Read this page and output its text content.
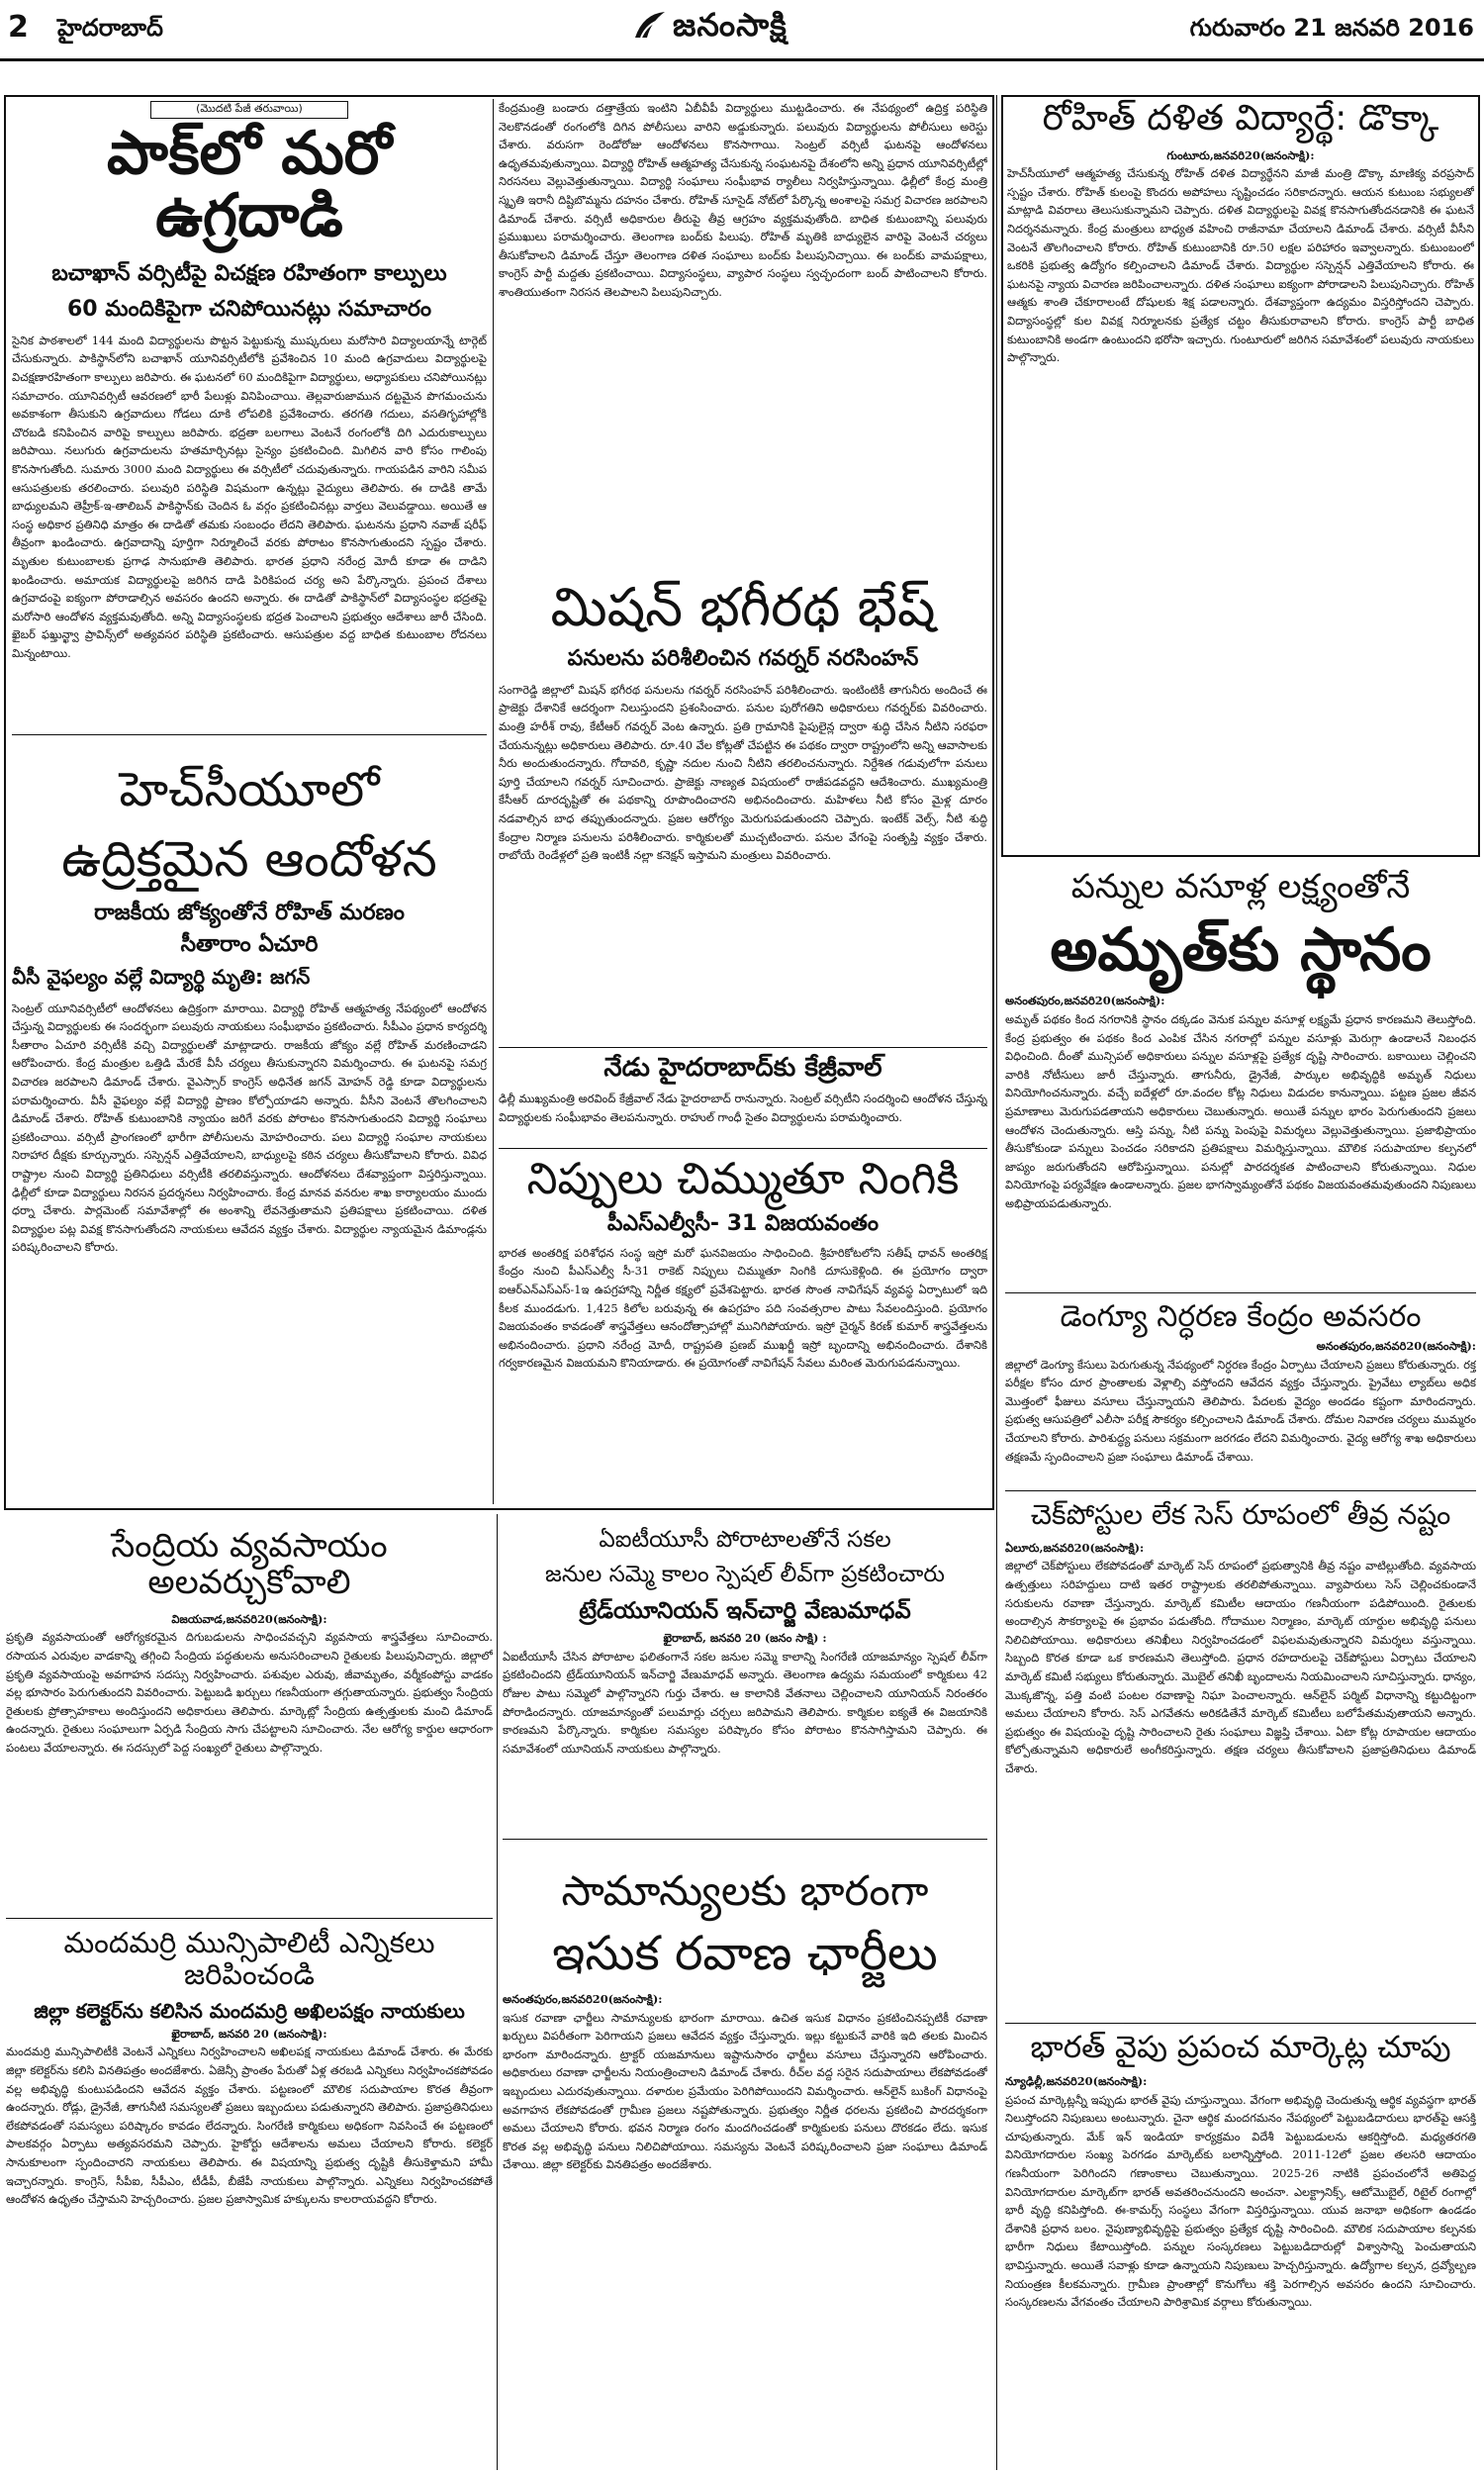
2 హైదరాబాద్	జనంసాక్షి	గురువారం 21 జనవరి 2016
(మొదటి పేజీ తరువాయి)
పాక్‌లో మరో ఉగ్రదాడి
బచాఖాన్ వర్సిటీపై విచక్షణ రహితంగా కాల్పులు
60 మందికిపైగా చనిపోయినట్లు సమాచారం
సైనిక పాఠశాలలో 144 మంది విద్యార్థులను పొట్టన పెట్టుకున్న ముష్కరులు మరోసారి విద్యాలయాన్నే టార్గెట్ చేసుకున్నారు. పాకిస్థాన్‌లోని బచాఖాన్ యూనివర్సిటీలోకి ప్రవేశించిన 10 మంది ఉగ్రవాదులు విద్యార్థులపై విచక్షణారహితంగా కాల్పులు జరిపారు. ఈ ఘటనలో 60 మందికిపైగా విద్యార్థులు, అధ్యాపకులు చనిపోయినట్లు సమాచారం. యూనివర్సిటీ ఆవరణలో భారీ పేలుళ్లు వినిపించాయి. తెల్లవారుజామున దట్టమైన పొగమంచును అవకాశంగా తీసుకుని ఉగ్రవాదులు గోడలు దూకి లోపలికి ప్రవేశించారు. తరగతి గదులు, వసతిగృహాల్లోకి చొరబడి కనిపించిన వారిపై కాల్పులు జరిపారు. భద్రతా బలగాలు వెంటనే రంగంలోకి దిగి ఎదురుకాల్పులు జరిపాయి. నలుగురు ఉగ్రవాదులను హతమార్చినట్లు సైన్యం ప్రకటించింది. మిగిలిన వారి కోసం గాలింపు కొనసాగుతోంది. సుమారు 3000 మంది విద్యార్థులు ఈ వర్సిటీలో చదువుతున్నారు. గాయపడిన వారిని సమీప ఆసుపత్రులకు తరలించారు. పలువురి పరిస్థితి విషమంగా ఉన్నట్లు వైద్యులు తెలిపారు. ఈ దాడికి తామే బాధ్యులమని తెహ్రీక్-ఇ-తాలిబన్ పాకిస్థాన్‌కు చెందిన ఓ వర్గం ప్రకటించినట్లు వార్తలు వెలువడ్డాయి. అయితే ఆ సంస్థ అధికార ప్రతినిధి మాత్రం ఈ దాడితో తమకు సంబంధం లేదని తెలిపారు. ఘటనను ప్రధాని నవాజ్ షరీఫ్ తీవ్రంగా ఖండించారు. ఉగ్రవాదాన్ని పూర్తిగా నిర్మూలించే వరకు పోరాటం కొనసాగుతుందని స్పష్టం చేశారు. మృతుల కుటుంబాలకు ప్రగాఢ సానుభూతి తెలిపారు. భారత ప్రధాని నరేంద్ర మోదీ కూడా ఈ దాడిని ఖండించారు. అమాయక విద్యార్థులపై జరిగిన దాడి పిరికిపంద చర్య అని పేర్కొన్నారు. ప్రపంచ దేశాలు ఉగ్రవాదంపై ఐక్యంగా పోరాడాల్సిన అవసరం ఉందని అన్నారు. ఈ దాడితో పాకిస్థాన్‌లో విద్యాసంస్థల భద్రతపై మరోసారి ఆందోళన వ్యక్తమవుతోంది. అన్ని విద్యాసంస్థలకు భద్రత పెంచాలని ప్రభుత్వం ఆదేశాలు జారీ చేసింది. ఖైబర్ ఫఖ్తున్ఖ్వా ప్రావిన్స్‌లో అత్యవసర పరిస్థితి ప్రకటించారు. ఆసుపత్రుల వద్ద బాధిత కుటుంబాల రోదనలు మిన్నంటాయి.
హెచ్‌సీయూలో
ఉద్రిక్తమైన ఆందోళన
రాజకీయ జోక్యంతోనే రోహిత్ మరణం
సీతారాం ఏచూరి
వీసీ వైఫల్యం వల్లే విద్యార్థి మృతి: జగన్
సెంట్రల్ యూనివర్సిటీలో ఆందోళనలు ఉద్రిక్తంగా మారాయి. విద్యార్థి రోహిత్ ఆత్మహత్య నేపథ్యంలో ఆందోళన చేస్తున్న విద్యార్థులకు ఈ సందర్భంగా పలువురు నాయకులు సంఘీభావం ప్రకటించారు. సీపీఎం ప్రధాన కార్యదర్శి సీతారాం ఏచూరి వర్సిటీకి వచ్చి విద్యార్థులతో మాట్లాడారు. రాజకీయ జోక్యం వల్లే రోహిత్ మరణించాడని ఆరోపించారు. కేంద్ర మంత్రుల ఒత్తిడి మేరకే వీసీ చర్యలు తీసుకున్నారని విమర్శించారు. ఈ ఘటనపై సమగ్ర విచారణ జరపాలని డిమాండ్ చేశారు. వైఎస్సార్ కాంగ్రెస్ అధినేత జగన్ మోహన్ రెడ్డి కూడా విద్యార్థులను పరామర్శించారు. వీసీ వైఫల్యం వల్లే విద్యార్థి ప్రాణం కోల్పోయాడని అన్నారు. వీసీని వెంటనే తొలగించాలని డిమాండ్ చేశారు. రోహిత్ కుటుంబానికి న్యాయం జరిగే వరకు పోరాటం కొనసాగుతుందని విద్యార్థి సంఘాలు ప్రకటించాయి. వర్సిటీ ప్రాంగణంలో భారీగా పోలీసులను మోహరించారు. పలు విద్యార్థి సంఘాల నాయకులు నిరాహార దీక్షకు కూర్చున్నారు. సస్పెన్షన్ ఎత్తివేయాలని, బాధ్యులపై కఠిన చర్యలు తీసుకోవాలని కోరారు. వివిధ రాష్ట్రాల నుంచి విద్యార్థి ప్రతినిధులు వర్సిటీకి తరలివస్తున్నారు. ఆందోళనలు దేశవ్యాప్తంగా విస్తరిస్తున్నాయి. ఢిల్లీలో కూడా విద్యార్థులు నిరసన ప్రదర్శనలు నిర్వహించారు. కేంద్ర మానవ వనరుల శాఖ కార్యాలయం ముందు ధర్నా చేశారు. పార్లమెంట్ సమావేశాల్లో ఈ అంశాన్ని లేవనెత్తుతామని ప్రతిపక్షాలు ప్రకటించాయి. దళిత విద్యార్థుల పట్ల వివక్ష కొనసాగుతోందని నాయకులు ఆవేదన వ్యక్తం చేశారు. విద్యార్థుల న్యాయమైన డిమాండ్లను పరిష్కరించాలని కోరారు.
కేంద్రమంత్రి బండారు దత్తాత్రేయ ఇంటిని ఏబీవీపీ విద్యార్థులు ముట్టడించారు. ఈ నేపథ్యంలో ఉద్రిక్త పరిస్థితి నెలకొనడంతో రంగంలోకి దిగిన పోలీసులు వారిని అడ్డుకున్నారు. పలువురు విద్యార్థులను పోలీసులు అరెస్టు చేశారు. వరుసగా రెండోరోజు ఆందోళనలు కొనసాగాయి. సెంట్రల్ వర్సిటీ ఘటనపై ఆందోళనలు ఉధృతమవుతున్నాయి. విద్యార్థి రోహిత్ ఆత్మహత్య చేసుకున్న సంఘటనపై దేశంలోని అన్ని ప్రధాన యూనివర్సిటీల్లో నిరసనలు వెల్లువెత్తుతున్నాయి. విద్యార్థి సంఘాలు సంఘీభావ ర్యాలీలు నిర్వహిస్తున్నాయి. ఢిల్లీలో కేంద్ర మంత్రి స్మృతి ఇరానీ దిష్టిబొమ్మను దహనం చేశారు. రోహిత్ సూసైడ్ నోట్‌లో పేర్కొన్న అంశాలపై సమగ్ర విచారణ జరపాలని డిమాండ్ చేశారు. వర్సిటీ అధికారుల తీరుపై తీవ్ర ఆగ్రహం వ్యక్తమవుతోంది. బాధిత కుటుంబాన్ని పలువురు ప్రముఖులు పరామర్శించారు. తెలంగాణ బంద్‌కు పిలుపు. రోహిత్ మృతికి బాధ్యులైన వారిపై వెంటనే చర్యలు తీసుకోవాలని డిమాండ్ చేస్తూ తెలంగాణ దళిత సంఘాలు బంద్‌కు పిలుపునిచ్చాయి. ఈ బంద్‌కు వామపక్షాలు, కాంగ్రెస్ పార్టీ మద్దతు ప్రకటించాయి. విద్యాసంస్థలు, వ్యాపార సంస్థలు స్వచ్ఛందంగా బంద్ పాటించాలని కోరారు. శాంతియుతంగా నిరసన తెలపాలని పిలుపునిచ్చారు.
మిషన్ భగీరథ భేష్
పనులను పరిశీలించిన గవర్నర్ నరసింహన్
సంగారెడ్డి జిల్లాలో మిషన్ భగీరథ పనులను గవర్నర్ నరసింహన్ పరిశీలించారు. ఇంటింటికీ తాగునీరు అందించే ఈ ప్రాజెక్టు దేశానికే ఆదర్శంగా నిలుస్తుందని ప్రశంసించారు. పనుల పురోగతిని అధికారులు గవర్నర్‌కు వివరించారు. మంత్రి హరీశ్ రావు, కేటీఆర్ గవర్నర్ వెంట ఉన్నారు. ప్రతి గ్రామానికి పైపులైన్ల ద్వారా శుద్ధి చేసిన నీటిని సరఫరా చేయనున్నట్లు అధికారులు తెలిపారు. రూ.40 వేల కోట్లతో చేపట్టిన ఈ పథకం ద్వారా రాష్ట్రంలోని అన్ని ఆవాసాలకు నీరు అందుతుందన్నారు. గోదావరి, కృష్ణా నదుల నుంచి నీటిని తరలించనున్నారు. నిర్దేశిత గడువులోగా పనులు పూర్తి చేయాలని గవర్నర్ సూచించారు. ప్రాజెక్టు నాణ్యత విషయంలో రాజీపడవద్దని ఆదేశించారు. ముఖ్యమంత్రి కేసీఆర్ దూరదృష్టితో ఈ పథకాన్ని రూపొందించారని అభినందించారు. మహిళలు నీటి కోసం మైళ్ల దూరం నడవాల్సిన బాధ తప్పుతుందన్నారు. ప్రజల ఆరోగ్యం మెరుగుపడుతుందని చెప్పారు. ఇంటేక్ వెల్స్, నీటి శుద్ధి కేంద్రాల నిర్మాణ పనులను పరిశీలించారు. కార్మికులతో ముచ్చటించారు. పనుల వేగంపై సంతృప్తి వ్యక్తం చేశారు. రాబోయే రెండేళ్లలో ప్రతి ఇంటికీ నల్లా కనెక్షన్ ఇస్తామని మంత్రులు వివరించారు.
నేడు హైదరాబాద్‌కు కేజ్రీవాల్
ఢిల్లీ ముఖ్యమంత్రి అరవింద్ కేజ్రీవాల్ నేడు హైదరాబాద్ రానున్నారు. సెంట్రల్ వర్సిటీని సందర్శించి ఆందోళన చేస్తున్న విద్యార్థులకు సంఘీభావం తెలపనున్నారు. రాహుల్ గాంధీ సైతం విద్యార్థులను పరామర్శించారు.
నిప్పులు చిమ్ముతూ నింగికి
పీఎస్ఎల్వీసీ- 31 విజయవంతం
భారత అంతరిక్ష పరిశోధన సంస్థ ఇస్రో మరో ఘనవిజయం సాధించింది. శ్రీహరికోటలోని సతీష్ ధావన్ అంతరిక్ష కేంద్రం నుంచి పీఎస్ఎల్వీ సీ-31 రాకెట్ నిప్పులు చిమ్ముతూ నింగికి దూసుకెళ్లింది. ఈ ప్రయోగం ద్వారా ఐఆర్ఎన్ఎస్ఎస్-1ఇ ఉపగ్రహాన్ని నిర్ణీత కక్ష్యలో ప్రవేశపెట్టారు. భారత సొంత నావిగేషన్ వ్యవస్థ ఏర్పాటులో ఇది కీలక ముందడుగు. 1,425 కిలోల బరువున్న ఈ ఉపగ్రహం పది సంవత్సరాల పాటు సేవలందిస్తుంది. ప్రయోగం విజయవంతం కావడంతో శాస్త్రవేత్తలు ఆనందోత్సాహాల్లో మునిగిపోయారు. ఇస్రో చైర్మన్ కిరణ్ కుమార్ శాస్త్రవేత్తలను అభినందించారు. ప్రధాని నరేంద్ర మోదీ, రాష్ట్రపతి ప్రణబ్ ముఖర్జీ ఇస్రో బృందాన్ని అభినందించారు. దేశానికి గర్వకారణమైన విజయమని కొనియాడారు. ఈ ప్రయోగంతో నావిగేషన్ సేవలు మరింత మెరుగుపడనున్నాయి.
సేంద్రియ వ్యవసాయం అలవర్చుకోవాలి
విజయవాడ,జనవరి20(జనంసాక్షి):
ప్రకృతి వ్యవసాయంతో ఆరోగ్యకరమైన దిగుబడులను సాధించవచ్చని వ్యవసాయ శాస్త్రవేత్తలు సూచించారు. రసాయన ఎరువుల వాడకాన్ని తగ్గించి సేంద్రియ పద్ధతులను అనుసరించాలని రైతులకు పిలుపునిచ్చారు. జిల్లాలో ప్రకృతి వ్యవసాయంపై అవగాహన సదస్సు నిర్వహించారు. పశువుల ఎరువు, జీవామృతం, వర్మీకంపోస్టు వాడకం వల్ల భూసారం పెరుగుతుందని వివరించారు. పెట్టుబడి ఖర్చులు గణనీయంగా తగ్గుతాయన్నారు. ప్రభుత్వం సేంద్రియ రైతులకు ప్రోత్సాహకాలు అందిస్తుందని అధికారులు తెలిపారు. మార్కెట్లో సేంద్రియ ఉత్పత్తులకు మంచి డిమాండ్ ఉందన్నారు. రైతులు సంఘాలుగా ఏర్పడి సేంద్రియ సాగు చేపట్టాలని సూచించారు. నేల ఆరోగ్య కార్డుల ఆధారంగా పంటలు వేయాలన్నారు. ఈ సదస్సులో పెద్ద సంఖ్యలో రైతులు పాల్గొన్నారు.
మందమర్రి మున్సిపాలిటీ ఎన్నికలు జరిపించండి
జిల్లా కలెక్టర్‌ను కలిసిన మందమర్రి అఖిలపక్షం నాయకులు
ఖైరాబాద్, జనవరి 20 (జనంసాక్షి):
మందమర్రి మున్సిపాలిటీకి వెంటనే ఎన్నికలు నిర్వహించాలని అఖిలపక్ష నాయకులు డిమాండ్ చేశారు. ఈ మేరకు జిల్లా కలెక్టర్‌ను కలిసి వినతిపత్రం అందజేశారు. ఏజెన్సీ ప్రాంతం పేరుతో ఏళ్ల తరబడి ఎన్నికలు నిర్వహించకపోవడం వల్ల అభివృద్ధి కుంటుపడిందని ఆవేదన వ్యక్తం చేశారు. పట్టణంలో మౌలిక సదుపాయాల కొరత తీవ్రంగా ఉందన్నారు. రోడ్లు, డ్రైనేజీ, తాగునీటి సమస్యలతో ప్రజలు ఇబ్బందులు పడుతున్నారని తెలిపారు. ప్రజాప్రతినిధులు లేకపోవడంతో సమస్యలు పరిష్కారం కావడం లేదన్నారు. సింగరేణి కార్మికులు అధికంగా నివసించే ఈ పట్టణంలో పాలకవర్గం ఏర్పాటు అత్యవసరమని చెప్పారు. హైకోర్టు ఆదేశాలను అమలు చేయాలని కోరారు. కలెక్టర్ సానుకూలంగా స్పందించారని నాయకులు తెలిపారు. ఈ విషయాన్ని ప్రభుత్వ దృష్టికి తీసుకెళ్తామని హామీ ఇచ్చారన్నారు. కాంగ్రెస్, సీపీఐ, సీపీఎం, టీడీపీ, బీజేపీ నాయకులు పాల్గొన్నారు. ఎన్నికలు నిర్వహించకపోతే ఆందోళన ఉధృతం చేస్తామని హెచ్చరించారు. ప్రజల ప్రజాస్వామిక హక్కులను కాలరాయవద్దని కోరారు.
ఏఐటీయూసీ పోరాటాలతోనే సకల
జనుల సమ్మె కాలం స్పెషల్ లీవ్‌గా ప్రకటించారు
ట్రేడ్‌యూనియన్ ఇన్‌చార్జి వేణుమాధవ్
ఖైరాబాద్, జనవరి 20 (జనం సాక్షి) :
ఏఐటీయూసీ చేసిన పోరాటాల ఫలితంగానే సకల జనుల సమ్మె కాలాన్ని సింగరేణి యాజమాన్యం స్పెషల్ లీవ్‌గా ప్రకటించిందని ట్రేడ్‌యూనియన్ ఇన్‌చార్జి వేణుమాధవ్ అన్నారు. తెలంగాణ ఉద్యమ సమయంలో కార్మికులు 42 రోజుల పాటు సమ్మెలో పాల్గొన్నారని గుర్తు చేశారు. ఆ కాలానికి వేతనాలు చెల్లించాలని యూనియన్ నిరంతరం పోరాడిందన్నారు. యాజమాన్యంతో పలుమార్లు చర్చలు జరిపామని తెలిపారు. కార్మికుల ఐక్యతే ఈ విజయానికి కారణమని పేర్కొన్నారు. కార్మికుల సమస్యల పరిష్కారం కోసం పోరాటం కొనసాగిస్తామని చెప్పారు. ఈ సమావేశంలో యూనియన్ నాయకులు పాల్గొన్నారు.
సామాన్యులకు భారంగా
ఇసుక రవాణ ఛార్జీలు
అనంతపురం,జనవరి20(జనంసాక్షి):
ఇసుక రవాణా ఛార్జీలు సామాన్యులకు భారంగా మారాయి. ఉచిత ఇసుక విధానం ప్రకటించినప్పటికీ రవాణా ఖర్చులు విపరీతంగా పెరిగాయని ప్రజలు ఆవేదన వ్యక్తం చేస్తున్నారు. ఇల్లు కట్టుకునే వారికి ఇది తలకు మించిన భారంగా మారిందన్నారు. ట్రాక్టర్ యజమానులు ఇష్టానుసారం ఛార్జీలు వసూలు చేస్తున్నారని ఆరోపించారు. అధికారులు రవాణా ఛార్జీలను నియంత్రించాలని డిమాండ్ చేశారు. రీచ్‌ల వద్ద సరైన సదుపాయాలు లేకపోవడంతో ఇబ్బందులు ఎదురవుతున్నాయి. దళారుల ప్రమేయం పెరిగిపోయిందని విమర్శించారు. ఆన్‌లైన్ బుకింగ్ విధానంపై అవగాహన లేకపోవడంతో గ్రామీణ ప్రజలు నష్టపోతున్నారు. ప్రభుత్వం నిర్ణీత ధరలను ప్రకటించి పారదర్శకంగా అమలు చేయాలని కోరారు. భవన నిర్మాణ రంగం మందగించడంతో కార్మికులకు పనులు దొరకడం లేదు. ఇసుక కొరత వల్ల అభివృద్ధి పనులు నిలిచిపోయాయి. సమస్యను వెంటనే పరిష్కరించాలని ప్రజా సంఘాలు డిమాండ్ చేశాయి. జిల్లా కలెక్టర్‌కు వినతిపత్రం అందజేశారు.
రోహిత్ దళిత విద్యార్థే: డొక్కా
గుంటూరు,జనవరి20(జనంసాక్షి):
హెచ్‌సీయూలో ఆత్మహత్య చేసుకున్న రోహిత్ దళిత విద్యార్థేనని మాజీ మంత్రి డొక్కా మాణిక్య వరప్రసాద్ స్పష్టం చేశారు. రోహిత్ కులంపై కొందరు అపోహలు సృష్టించడం సరికాదన్నారు. ఆయన కుటుంబ సభ్యులతో మాట్లాడి వివరాలు తెలుసుకున్నామని చెప్పారు. దళిత విద్యార్థులపై వివక్ష కొనసాగుతోందనడానికి ఈ ఘటనే నిదర్శనమన్నారు. కేంద్ర మంత్రులు బాధ్యత వహించి రాజీనామా చేయాలని డిమాండ్ చేశారు. వర్సిటీ వీసీని వెంటనే తొలగించాలని కోరారు. రోహిత్ కుటుంబానికి రూ.50 లక్షల పరిహారం ఇవ్వాలన్నారు. కుటుంబంలో ఒకరికి ప్రభుత్వ ఉద్యోగం కల్పించాలని డిమాండ్ చేశారు. విద్యార్థుల సస్పెన్షన్ ఎత్తివేయాలని కోరారు. ఈ ఘటనపై న్యాయ విచారణ జరిపించాలన్నారు. దళిత సంఘాలు ఐక్యంగా పోరాడాలని పిలుపునిచ్చారు. రోహిత్ ఆత్మకు శాంతి చేకూరాలంటే దోషులకు శిక్ష పడాలన్నారు. దేశవ్యాప్తంగా ఉద్యమం విస్తరిస్తోందని చెప్పారు. విద్యాసంస్థల్లో కుల వివక్ష నిర్మూలనకు ప్రత్యేక చట్టం తీసుకురావాలని కోరారు. కాంగ్రెస్ పార్టీ బాధిత కుటుంబానికి అండగా ఉంటుందని భరోసా ఇచ్చారు. గుంటూరులో జరిగిన సమావేశంలో పలువురు నాయకులు పాల్గొన్నారు.
పన్నుల వసూళ్ల లక్ష్యంతోనే
అమృత్‌కు స్థానం
అనంతపురం,జనవరి20(జనంసాక్షి):
అమృత్ పథకం కింద నగరానికి స్థానం దక్కడం వెనుక పన్నుల వసూళ్ల లక్ష్యమే ప్రధాన కారణమని తెలుస్తోంది. కేంద్ర ప్రభుత్వం ఈ పథకం కింద ఎంపిక చేసిన నగరాల్లో పన్నుల వసూళ్లు మెరుగ్గా ఉండాలనే నిబంధన విధించింది. దీంతో మున్సిపల్ అధికారులు పన్నుల వసూళ్లపై ప్రత్యేక దృష్టి సారించారు. బకాయిలు చెల్లించని వారికి నోటీసులు జారీ చేస్తున్నారు. తాగునీరు, డ్రైనేజీ, పార్కుల అభివృద్ధికి అమృత్ నిధులు వినియోగించనున్నారు. వచ్చే ఐదేళ్లలో రూ.వందల కోట్ల నిధులు విడుదల కానున్నాయి. పట్టణ ప్రజల జీవన ప్రమాణాలు మెరుగుపడతాయని అధికారులు చెబుతున్నారు. అయితే పన్నుల భారం పెరుగుతుందని ప్రజలు ఆందోళన చెందుతున్నారు. ఆస్తి పన్ను, నీటి పన్ను పెంపుపై విమర్శలు వెల్లువెత్తుతున్నాయి. ప్రజాభిప్రాయం తీసుకోకుండా పన్నులు పెంచడం సరికాదని ప్రతిపక్షాలు విమర్శిస్తున్నాయి. మౌలిక సదుపాయాల కల్పనలో జాప్యం జరుగుతోందని ఆరోపిస్తున్నాయి. పనుల్లో పారదర్శకత పాటించాలని కోరుతున్నాయి. నిధుల వినియోగంపై పర్యవేక్షణ ఉండాలన్నారు. ప్రజల భాగస్వామ్యంతోనే పథకం విజయవంతమవుతుందని నిపుణులు అభిప్రాయపడుతున్నారు.
డెంగ్యూ నిర్ధరణ కేంద్రం అవసరం
అనంతపురం,జనవరి20(జనంసాక్షి):
జిల్లాలో డెంగ్యూ కేసులు పెరుగుతున్న నేపథ్యంలో నిర్ధరణ కేంద్రం ఏర్పాటు చేయాలని ప్రజలు కోరుతున్నారు. రక్త పరీక్షల కోసం దూర ప్రాంతాలకు వెళ్లాల్సి వస్తోందని ఆవేదన వ్యక్తం చేస్తున్నారు. ప్రైవేటు ల్యాబ్‌లు అధిక మొత్తంలో ఫీజులు వసూలు చేస్తున్నాయని తెలిపారు. పేదలకు వైద్యం అందడం కష్టంగా మారిందన్నారు. ప్రభుత్వ ఆసుపత్రిలో ఎలీసా పరీక్ష సౌకర్యం కల్పించాలని డిమాండ్ చేశారు. దోమల నివారణ చర్యలు ముమ్మరం చేయాలని కోరారు. పారిశుద్ధ్య పనులు సక్రమంగా జరగడం లేదని విమర్శించారు. వైద్య ఆరోగ్య శాఖ అధికారులు తక్షణమే స్పందించాలని ప్రజా సంఘాలు డిమాండ్ చేశాయి.
చెక్‌పోస్టుల లేక సెస్ రూపంలో తీవ్ర నష్టం
ఏలూరు,జనవరి20(జనంసాక్షి):
జిల్లాలో చెక్‌పోస్టులు లేకపోవడంతో మార్కెట్ సెస్ రూపంలో ప్రభుత్వానికి తీవ్ర నష్టం వాటిల్లుతోంది. వ్యవసాయ ఉత్పత్తులు సరిహద్దులు దాటి ఇతర రాష్ట్రాలకు తరలిపోతున్నాయి. వ్యాపారులు సెస్ చెల్లించకుండానే సరుకులను రవాణా చేస్తున్నారు. మార్కెట్ కమిటీల ఆదాయం గణనీయంగా పడిపోయింది. రైతులకు అందాల్సిన సౌకర్యాలపై ఈ ప్రభావం పడుతోంది. గోదాముల నిర్మాణం, మార్కెట్ యార్డుల అభివృద్ధి పనులు నిలిచిపోయాయి. అధికారులు తనిఖీలు నిర్వహించడంలో విఫలమవుతున్నారని విమర్శలు వస్తున్నాయి. సిబ్బంది కొరత కూడా ఒక కారణమని తెలుస్తోంది. ప్రధాన రహదారులపై చెక్‌పోస్టులు ఏర్పాటు చేయాలని మార్కెట్ కమిటీ సభ్యులు కోరుతున్నారు. మొబైల్ తనిఖీ బృందాలను నియమించాలని సూచిస్తున్నారు. ధాన్యం, మొక్కజొన్న, పత్తి వంటి పంటల రవాణాపై నిఘా పెంచాలన్నారు. ఆన్‌లైన్ పర్మిట్ విధానాన్ని కట్టుదిట్టంగా అమలు చేయాలని కోరారు. సెస్ ఎగవేతను అరికడితేనే మార్కెట్ కమిటీలు బలోపేతమవుతాయని అన్నారు. ప్రభుత్వం ఈ విషయంపై దృష్టి సారించాలని రైతు సంఘాలు విజ్ఞప్తి చేశాయి. ఏటా కోట్ల రూపాయల ఆదాయం కోల్పోతున్నామని అధికారులే అంగీకరిస్తున్నారు. తక్షణ చర్యలు తీసుకోవాలని ప్రజాప్రతినిధులు డిమాండ్ చేశారు.
భారత్ వైపు ప్రపంచ మార్కెట్ల చూపు
న్యూఢిల్లీ,జనవరి20(జనంసాక్షి):
ప్రపంచ మార్కెట్లన్నీ ఇప్పుడు భారత్ వైపు చూస్తున్నాయి. వేగంగా అభివృద్ధి చెందుతున్న ఆర్థిక వ్యవస్థగా భారత్ నిలుస్తోందని నిపుణులు అంటున్నారు. చైనా ఆర్థిక మందగమనం నేపథ్యంలో పెట్టుబడిదారులు భారత్‌పై ఆసక్తి చూపుతున్నారు. మేక్ ఇన్ ఇండియా కార్యక్రమం విదేశీ పెట్టుబడులను ఆకర్షిస్తోంది. మధ్యతరగతి వినియోగదారుల సంఖ్య పెరగడం మార్కెట్‌కు బలాన్నిస్తోంది. 2011-12లో ప్రజల తలసరి ఆదాయం గణనీయంగా పెరిగిందని గణాంకాలు చెబుతున్నాయి. 2025-26 నాటికి ప్రపంచంలోనే అతిపెద్ద వినియోగదారుల మార్కెట్‌గా భారత్ అవతరించనుందని అంచనా. ఎలక్ట్రానిక్స్, ఆటోమొబైల్, రిటైల్ రంగాల్లో భారీ వృద్ధి కనిపిస్తోంది. ఈ-కామర్స్ సంస్థలు వేగంగా విస్తరిస్తున్నాయి. యువ జనాభా అధికంగా ఉండడం దేశానికి ప్రధాన బలం. నైపుణ్యాభివృద్ధిపై ప్రభుత్వం ప్రత్యేక దృష్టి సారించింది. మౌలిక సదుపాయాల కల్పనకు భారీగా నిధులు కేటాయిస్తోంది. పన్నుల సంస్కరణలు పెట్టుబడిదారుల్లో విశ్వాసాన్ని పెంచుతాయని భావిస్తున్నారు. అయితే సవాళ్లు కూడా ఉన్నాయని నిపుణులు హెచ్చరిస్తున్నారు. ఉద్యోగాల కల్పన, ద్రవ్యోల్బణ నియంత్రణ కీలకమన్నారు. గ్రామీణ ప్రాంతాల్లో కొనుగోలు శక్తి పెరగాల్సిన అవసరం ఉందని సూచించారు. సంస్కరణలను వేగవంతం చేయాలని పారిశ్రామిక వర్గాలు కోరుతున్నాయి.
